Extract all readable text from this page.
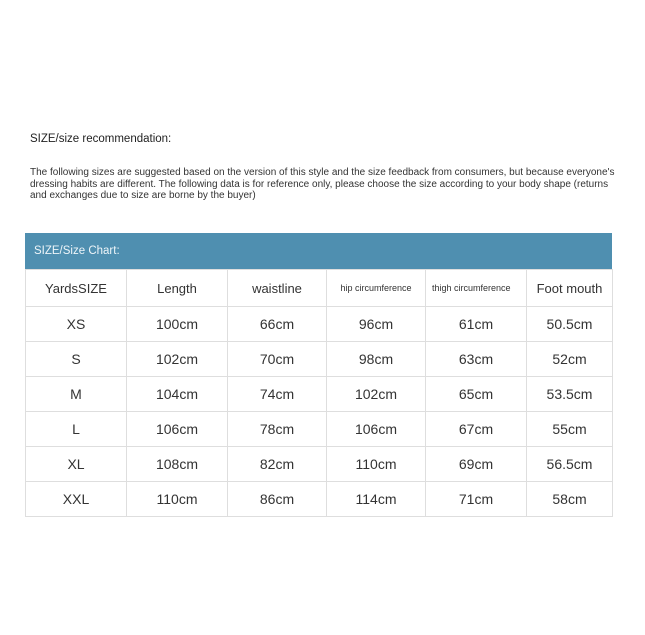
SIZE/size recommendation:
The following sizes are suggested based on the version of this style and the size feedback from consumers, but because everyone's dressing habits are different. The following data is for reference only, please choose the size according to your body shape (returns and exchanges due to size are borne by the buyer)
SIZE/Size Chart:
YardsSIZE	Length	waistline	hip circumference	thigh circumference	Foot mouth
XS	100cm	66cm	96cm	61cm	50.5cm
S	102cm	70cm	98cm	63cm	52cm
M	104cm	74cm	102cm	65cm	53.5cm
L	106cm	78cm	106cm	67cm	55cm
XL	108cm	82cm	110cm	69cm	56.5cm
XXL	110cm	86cm	114cm	71cm	58cm
